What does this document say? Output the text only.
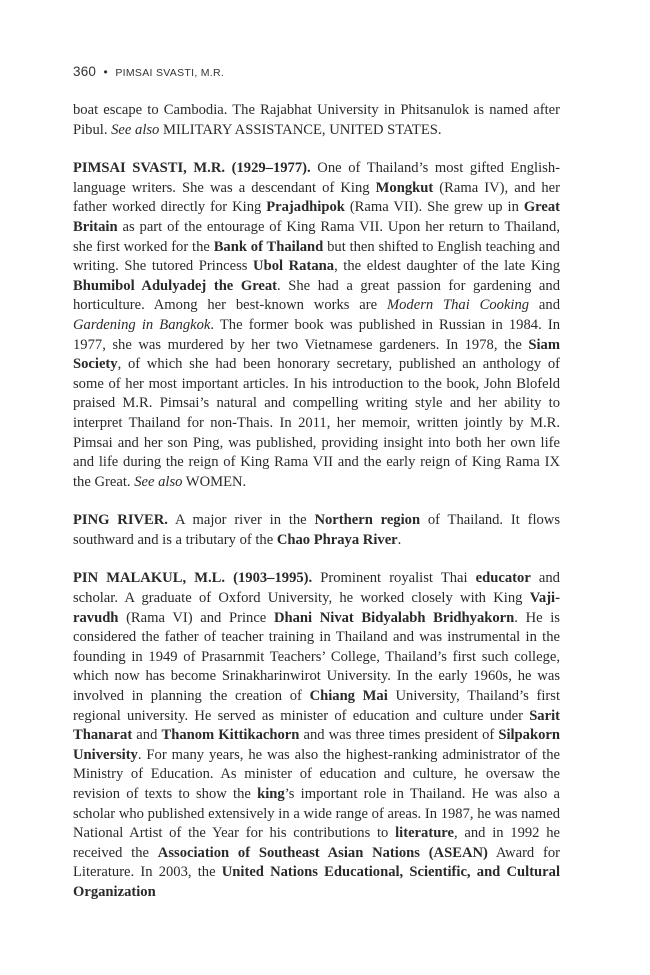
360 • PIMSAI SVASTI, M.R.

boat escape to Cambodia. The Rajabhat University in Phitsanulok is named after Pibul. See also MILITARY ASSISTANCE, UNITED STATES.

PIMSAI SVASTI, M.R. (1929–1977). One of Thailand’s most gifted English-language writers. She was a descendant of King Mongkut (Rama IV), and her father worked directly for King Prajadhipok (Rama VII). She grew up in Great Britain as part of the entourage of King Rama VII. Upon her return to Thailand, she first worked for the Bank of Thailand but then shifted to English teaching and writing. She tutored Princess Ubol Ratana, the eldest daughter of the late King Bhumibol Adulyadej the Great. She had a great passion for gardening and horticulture. Among her best-known works are Modern Thai Cooking and Gardening in Bangkok. The former book was published in Russian in 1984. In 1977, she was murdered by her two Vietnamese gardeners. In 1978, the Siam Society, of which she had been honorary secretary, published an anthology of some of her most important articles. In his introduction to the book, John Blofeld praised M.R. Pimsai’s natural and compelling writing style and her ability to interpret Thailand for non-Thais. In 2011, her memoir, written jointly by M.R. Pimsai and her son Ping, was published, providing insight into both her own life and life during the reign of King Rama VII and the early reign of King Rama IX the Great. See also WOMEN.

PING RIVER. A major river in the Northern region of Thailand. It flows southward and is a tributary of the Chao Phraya River.

PIN MALAKUL, M.L. (1903–1995). Prominent royalist Thai educator and scholar. A graduate of Oxford University, he worked closely with King Vajiravudh (Rama VI) and Prince Dhani Nivat Bidyalabh Bridhyakorn. He is considered the father of teacher training in Thailand and was instrumental in the founding in 1949 of Prasarnmit Teachers’ College, Thailand’s first such college, which now has become Srinakharinwirot University. In the early 1960s, he was involved in planning the creation of Chiang Mai University, Thailand’s first regional university. He served as minister of education and culture under Sarit Thanarat and Thanom Kittikachorn and was three times president of Silpakorn University. For many years, he was also the highest-ranking administrator of the Ministry of Education. As minister of education and culture, he oversaw the revision of texts to show the king’s important role in Thailand. He was also a scholar who published extensively in a wide range of areas. In 1987, he was named National Artist of the Year for his contributions to literature, and in 1992 he received the Association of Southeast Asian Nations (ASEAN) Award for Literature. In 2003, the United Nations Educational, Scientific, and Cultural Organization
